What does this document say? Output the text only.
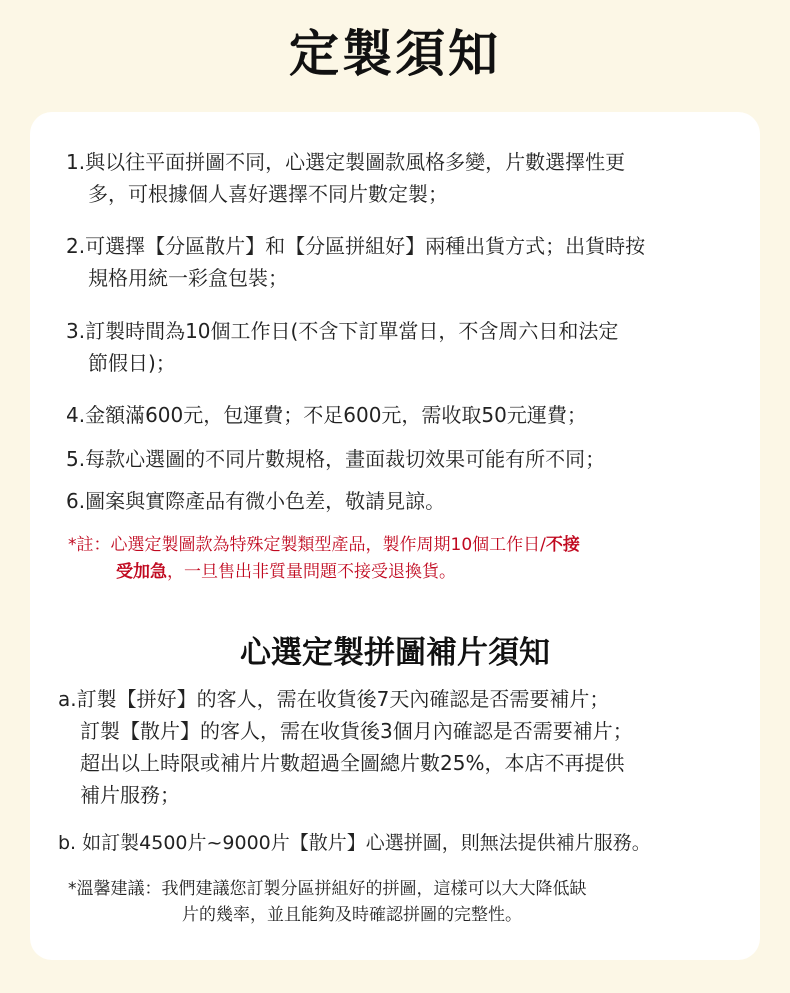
定製須知

1.與以往平面拼圖不同，心選定製圖款風格多變，片數選擇性更
多，可根據個人喜好選擇不同片數定製；

2.可選擇【分區散片】和【分區拼組好】兩種出貨方式；出貨時按
規格用統一彩盒包裝；

3.訂製時間為10個工作日(不含下訂單當日，不含周六日和法定
節假日)；

4.金額滿600元，包運費；不足600元，需收取50元運費；

5.每款心選圖的不同片數規格，畫面裁切效果可能有所不同；

6.圖案與實際產品有微小色差，敬請見諒。

*註：心選定製圖款為特殊定製類型產品，製作周期10個工作日/不接
受加急，一旦售出非質量問題不接受退換貨。

心選定製拼圖補片須知

a.訂製【拼好】的客人，需在收貨後7天內確認是否需要補片；
訂製【散片】的客人，需在收貨後3個月內確認是否需要補片；
超出以上時限或補片片數超過全圖總片數25%，本店不再提供
補片服務；

b. 如訂製4500片~9000片【散片】心選拼圖，則無法提供補片服務。

*溫馨建議：我們建議您訂製分區拼組好的拼圖，這樣可以大大降低缺
片的幾率，並且能夠及時確認拼圖的完整性。
